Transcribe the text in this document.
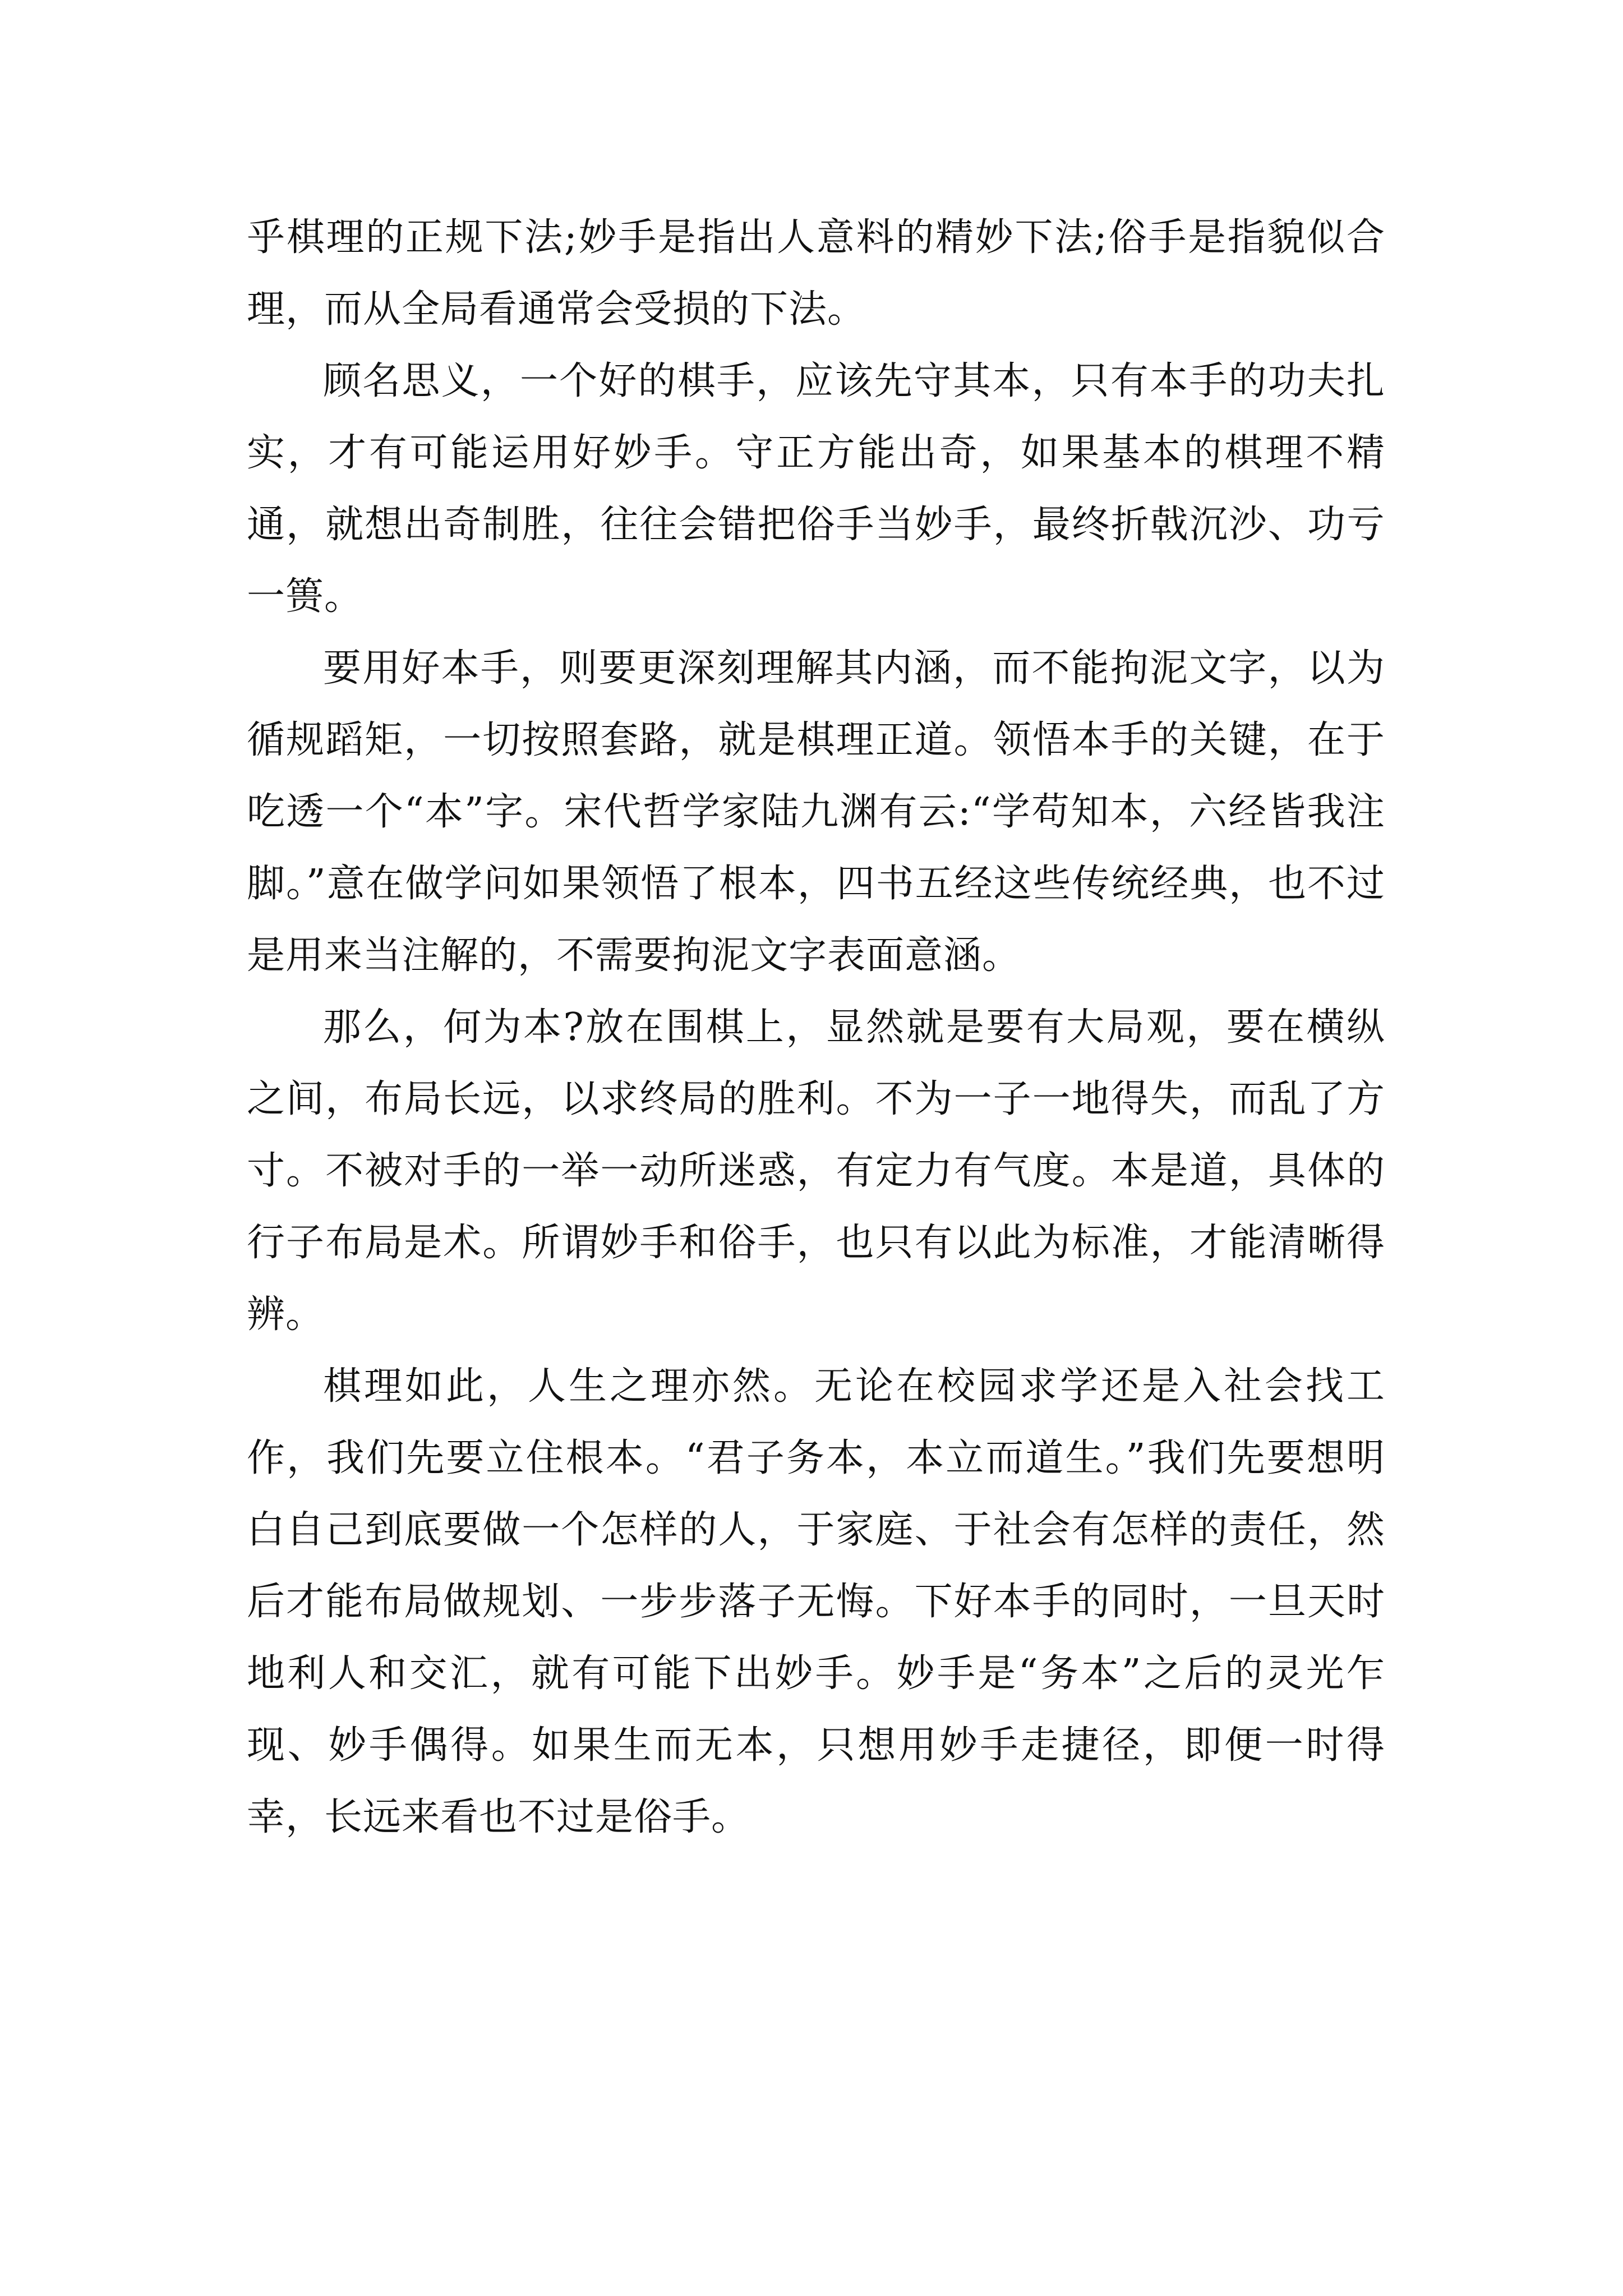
乎棋理的正规下法;妙手是指出人意料的精妙下法;俗手是指貌似合理，而从全局看通常会受损的下法。

顾名思义，一个好的棋手，应该先守其本，只有本手的功夫扎实，才有可能运用好妙手。守正方能出奇，如果基本的棋理不精通，就想出奇制胜，往往会错把俗手当妙手，最终折戟沉沙、功亏一篑。

要用好本手，则要更深刻理解其内涵，而不能拘泥文字，以为循规蹈矩，一切按照套路，就是棋理正道。领悟本手的关键，在于吃透一个“本”字。宋代哲学家陆九渊有云:“学苟知本，六经皆我注脚。”意在做学问如果领悟了根本，四书五经这些传统经典，也不过是用来当注解的，不需要拘泥文字表面意涵。

那么，何为本?放在围棋上，显然就是要有大局观，要在横纵之间，布局长远，以求终局的胜利。不为一子一地得失，而乱了方寸。不被对手的一举一动所迷惑，有定力有气度。本是道，具体的行子布局是术。所谓妙手和俗手，也只有以此为标准，才能清晰得辨。

棋理如此，人生之理亦然。无论在校园求学还是入社会找工作，我们先要立住根本。“君子务本，本立而道生。”我们先要想明白自己到底要做一个怎样的人，于家庭、于社会有怎样的责任，然后才能布局做规划、一步步落子无悔。下好本手的同时，一旦天时地利人和交汇，就有可能下出妙手。妙手是“务本”之后的灵光乍现、妙手偶得。如果生而无本，只想用妙手走捷径，即便一时得幸，长远来看也不过是俗手。
